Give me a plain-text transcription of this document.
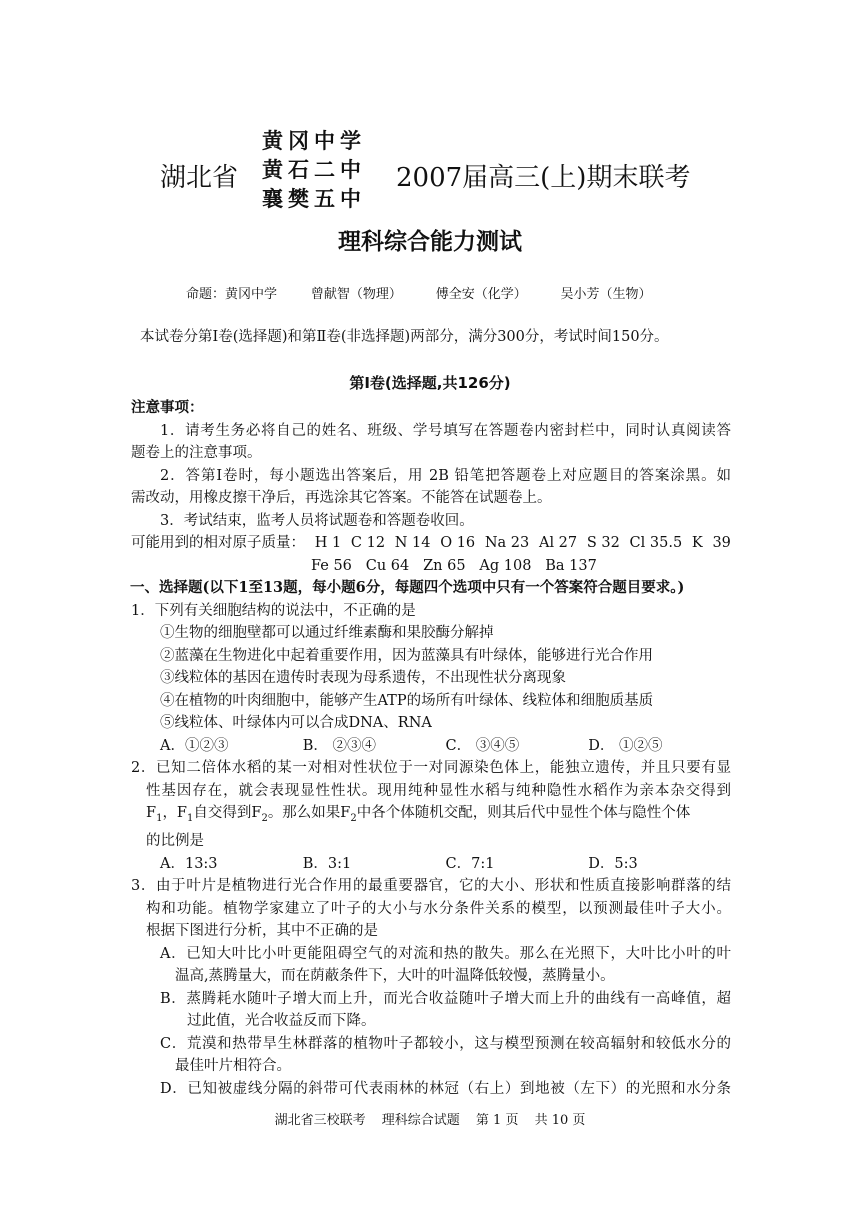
黄冈中学
黄石二中
襄樊五中
湖北省	2007届高三(上)期末联考
理科综合能力测试
命题：黄冈中学	曾献智（物理）	傅全安（化学）	吴小芳（生物）
本试卷分第Ⅰ卷(选择题)和第Ⅱ卷(非选择题)两部分，满分300分，考试时间150分。
第Ⅰ卷(选择题,共126分)
注意事项：
1．请考生务必将自己的姓名、班级、学号填写在答题卷内密封栏中，同时认真阅读答
题卷上的注意事项。
2．答第Ⅰ卷时，每小题选出答案后，用 2B 铅笔把答题卷上对应题目的答案涂黑。如
需改动，用橡皮擦干净后，再选涂其它答案。不能答在试题卷上。
3．考试结束，监考人员将试题卷和答题卷收回。
可能用到的相对原子质量： H 1 C 12 N 14 O 16 Na 23 Al 27 S 32 Cl 35.5 K 39
Fe 56 Cu 64 Zn 65 Ag 108 Ba 137
一、选择题(以下1至13题，每小题6分，每题四个选项中只有一个答案符合题目要求。)
1．下列有关细胞结构的说法中，不正确的是
①生物的细胞壁都可以通过纤维素酶和果胶酶分解掉
②蓝藻在生物进化中起着重要作用，因为蓝藻具有叶绿体，能够进行光合作用
③线粒体的基因在遗传时表现为母系遗传，不出现性状分离现象
④在植物的叶肉细胞中，能够产生ATP的场所有叶绿体、线粒体和细胞质基质
⑤线粒体、叶绿体内可以合成DNA、RNA
A．①②③	B． ②③④	C． ③④⑤	D． ①②⑤
2．已知二倍体水稻的某一对相对性状位于一对同源染色体上，能独立遗传，并且只要有显
性基因存在，就会表现显性性状。现用纯种显性水稻与纯种隐性水稻作为亲本杂交得到
$F_1$，$F_1$自交得到$F_2$。那么如果$F_2$中各个体随机交配，则其后代中显性个体与隐性个体
的比例是
A．13:3	B．3:1	C．7:1	D．5:3
3．由于叶片是植物进行光合作用的最重要器官，它的大小、形状和性质直接影响群落的结
构和功能。植物学家建立了叶子的大小与水分条件关系的模型，以预测最佳叶子大小。
根据下图进行分析，其中不正确的是
A．已知大叶比小叶更能阻碍空气的对流和热的散失。那么在光照下，大叶比小叶的叶
温高,蒸腾量大，而在荫蔽条件下，大叶的叶温降低较慢，蒸腾量小。
B．蒸腾耗水随叶子增大而上升，而光合收益随叶子增大而上升的曲线有一高峰值，超
过此值，光合收益反而下降。
C．荒漠和热带旱生林群落的植物叶子都较小，这与模型预测在较高辐射和较低水分的
最佳叶片相符合。
D．已知被虚线分隔的斜带可代表雨林的林冠（右上）到地被（左下）的光照和水分条
湖北省三校联考 理科综合试题 第 1 页 共 10 页
